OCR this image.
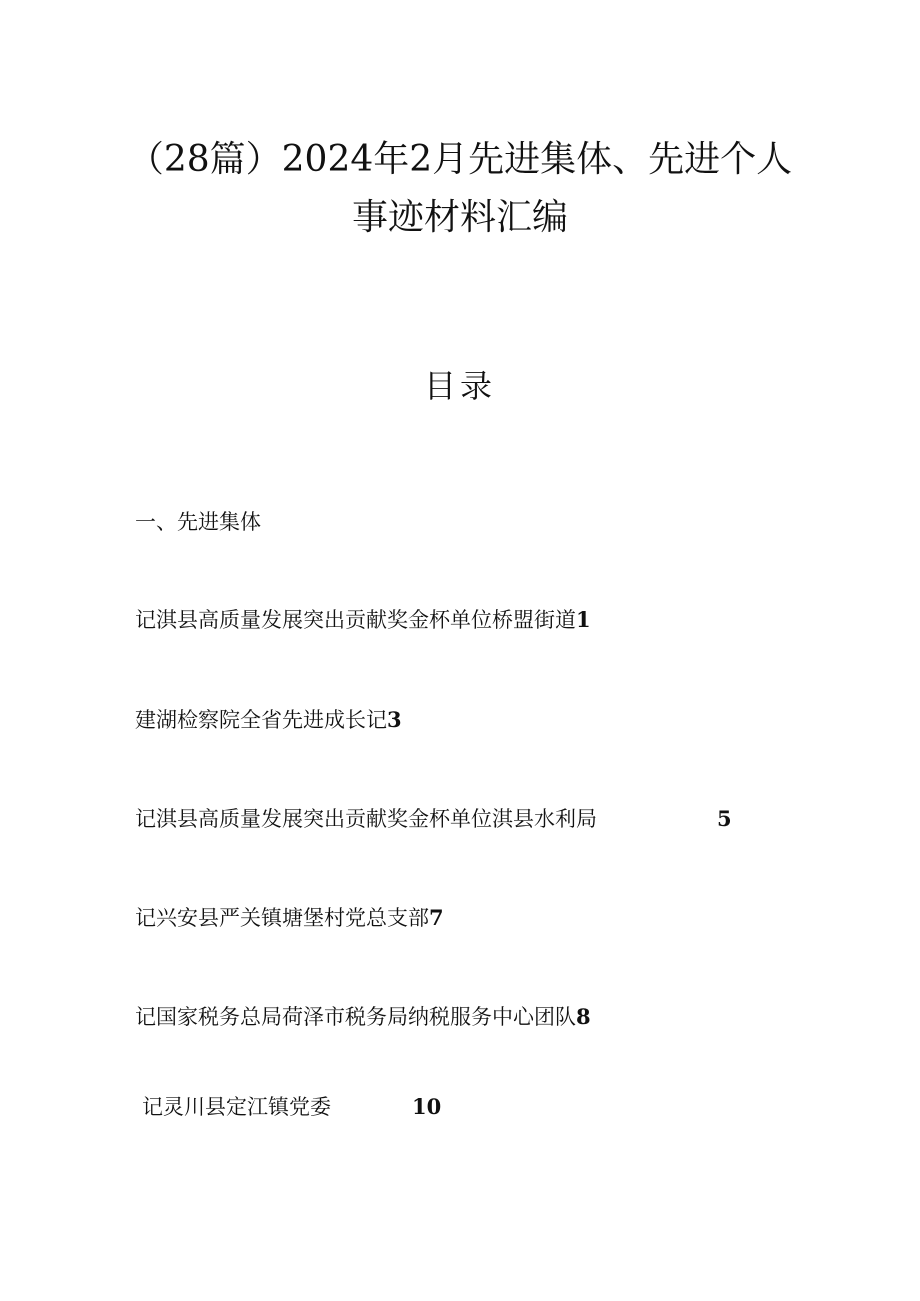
（28篇）2024年2月先进集体、先进个人
事迹材料汇编
目录
一、先进集体
记淇县高质量发展突出贡献奖金杯单位桥盟街道1
建湖检察院全省先进成长记3
记淇县高质量发展突出贡献奖金杯单位淇县水利局	5
记兴安县严关镇塘堡村党总支部7
记国家税务总局荷泽市税务局纳税服务中心团队8
记灵川县定江镇党委	10
